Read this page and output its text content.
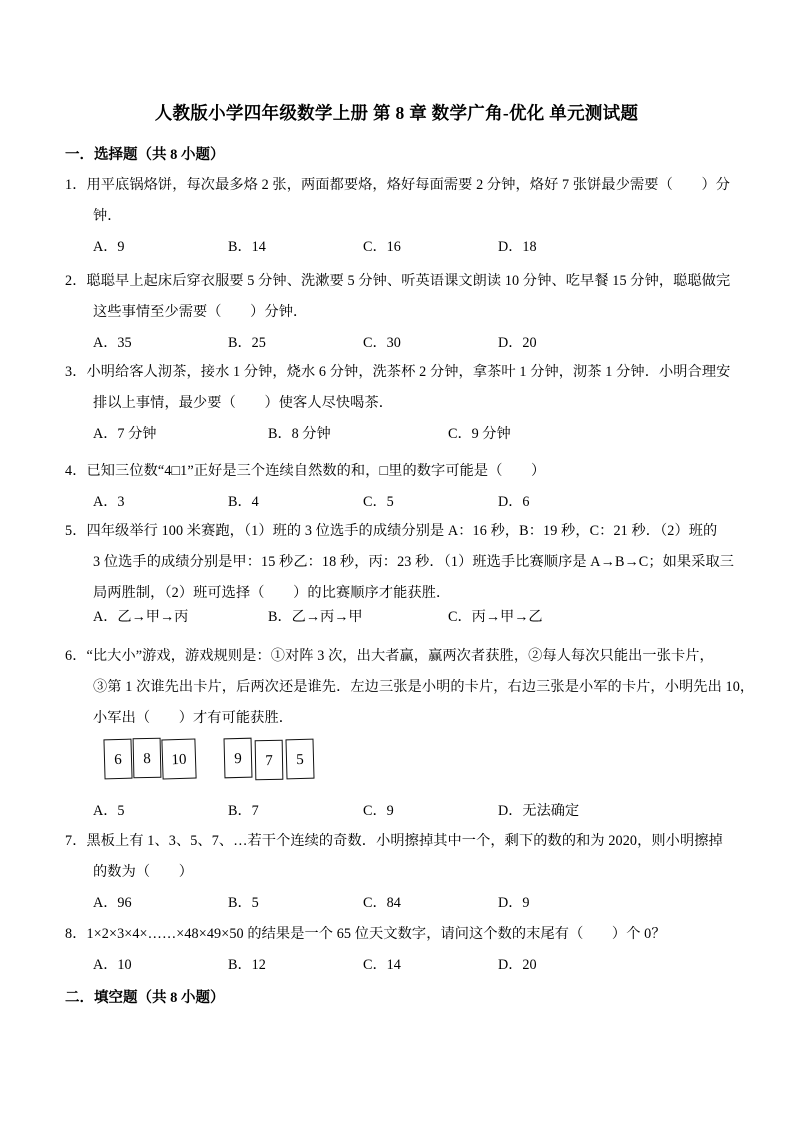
人教版小学四年级数学上册 第 8 章 数学广角-优化 单元测试题
一．选择题（共 8 小题）
1．用平底锅烙饼，每次最多烙 2 张，两面都要烙，烙好每面需要 2 分钟，烙好 7 张饼最少需要（　　）分
钟．
A．9	B．14	C．16	D．18
2．聪聪早上起床后穿衣服要 5 分钟、洗漱要 5 分钟、听英语课文朗读 10 分钟、吃早餐 15 分钟，聪聪做完
这些事情至少需要（　　）分钟．
A．35	B．25	C．30	D．20
3．小明给客人沏茶，接水 1 分钟，烧水 6 分钟，洗茶杯 2 分钟，拿茶叶 1 分钟，沏茶 1 分钟．小明合理安
排以上事情，最少要（　　）使客人尽快喝茶．
A．7 分钟	B．8 分钟	C．9 分钟
4．已知三位数“4□1”正好是三个连续自然数的和，□里的数字可能是（　　）
A．3	B．4	C．5	D．6
5．四年级举行 100 米赛跑，（1）班的 3 位选手的成绩分别是 A：16 秒，B：19 秒，C：21 秒．（2）班的
3 位选手的成绩分别是甲：15 秒乙：18 秒，丙：23 秒．（1）班选手比赛顺序是 A→B→C；如果采取三
局两胜制，（2）班可选择（　　）的比赛顺序才能获胜．
A．乙→甲→丙	B．乙→丙→甲	C．丙→甲→乙
6．“比大小”游戏，游戏规则是：①对阵 3 次，出大者赢，赢两次者获胜，②每人每次只能出一张卡片，
③第 1 次谁先出卡片，后两次还是谁先．左边三张是小明的卡片，右边三张是小军的卡片，小明先出 10，
小军出（　　）才有可能获胜．
6	8	10	9	7	5
A．5	B．7	C．9	D．无法确定
7．黑板上有 1、3、5、7、…若干个连续的奇数．小明擦掉其中一个，剩下的数的和为 2020，则小明擦掉
的数为（　　）
A．96	B．5	C．84	D．9
8．1×2×3×4×……×48×49×50 的结果是一个 65 位天文数字，请问这个数的末尾有（　　）个 0？
A．10	B．12	C．14	D．20
二．填空题（共 8 小题）
